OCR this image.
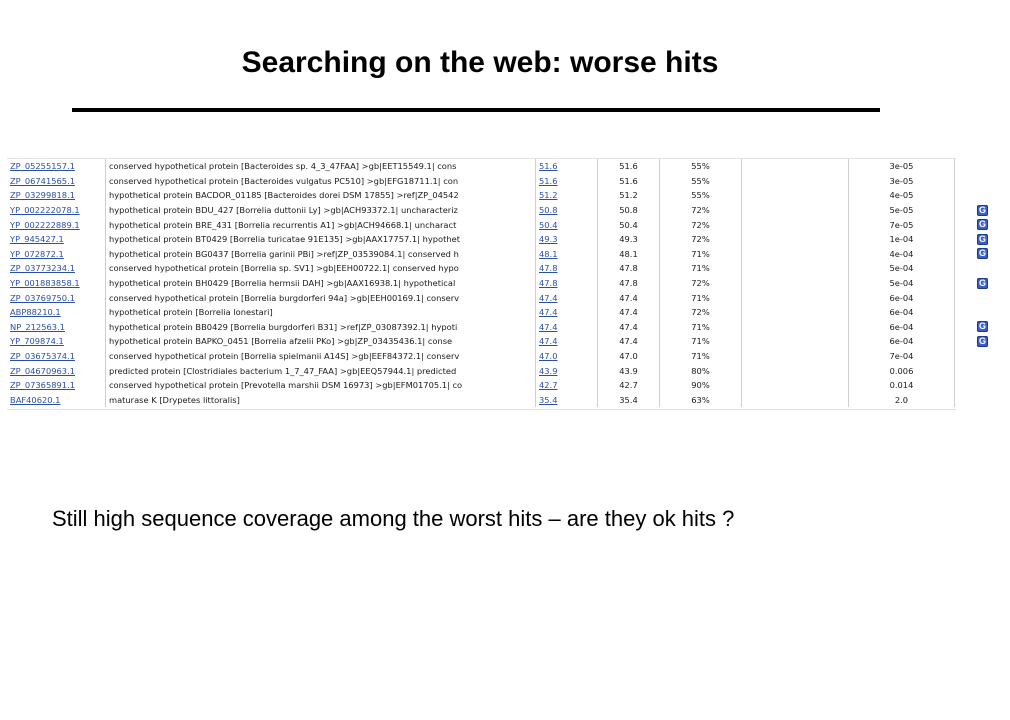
Searching on the web: worse hits
ZP_05255157.1	conserved hypothetical protein [Bacteroides sp. 4_3_47FAA] >gb|EET15549.1| cons	51.6	51.6	55%		3e-05	
ZP_06741565.1	conserved hypothetical protein [Bacteroides vulgatus PC510] >gb|EFG18711.1| con	51.6	51.6	55%		3e-05	
ZP_03299818.1	hypothetical protein BACDOR_01185 [Bacteroides dorei DSM 17855] >ref|ZP_04542	51.2	51.2	55%		4e-05	
YP_002222078.1	hypothetical protein BDU_427 [Borrelia duttonii Ly] >gb|ACH93372.1| uncharacteriz	50.8	50.8	72%		5e-05	G
YP_002222889.1	hypothetical protein BRE_431 [Borrelia recurrentis A1] >gb|ACH94668.1| uncharact	50.4	50.4	72%		7e-05	G
YP_945427.1	hypothetical protein BT0429 [Borrelia turicatae 91E135] >gb|AAX17757.1| hypothet	49.3	49.3	72%		1e-04	G
YP_072872.1	hypothetical protein BG0437 [Borrelia garinii PBi] >ref|ZP_03539084.1| conserved h	48.1	48.1	71%		4e-04	G
ZP_03773234.1	conserved hypothetical protein [Borrelia sp. SV1] >gb|EEH00722.1| conserved hypo	47.8	47.8	71%		5e-04	
YP_001883858.1	hypothetical protein BH0429 [Borrelia hermsii DAH] >gb|AAX16938.1| hypothetical	47.8	47.8	72%		5e-04	G
ZP_03769750.1	conserved hypothetical protein [Borrelia burgdorferi 94a] >gb|EEH00169.1| conserv	47.4	47.4	71%		6e-04	
ABP88210.1	hypothetical protein [Borrelia lonestari]	47.4	47.4	72%		6e-04	
NP_212563.1	hypothetical protein BB0429 [Borrelia burgdorferi B31] >ref|ZP_03087392.1| hypoti	47.4	47.4	71%		6e-04	G
YP_709874.1	hypothetical protein BAPKO_0451 [Borrelia afzelii PKo] >gb|ZP_03435436.1| conse	47.4	47.4	71%		6e-04	G
ZP_03675374.1	conserved hypothetical protein [Borrelia spielmanii A14S] >gb|EEF84372.1| conserv	47.0	47.0	71%		7e-04	
ZP_04670963.1	predicted protein [Clostridiales bacterium 1_7_47_FAA] >gb|EEQ57944.1| predicted	43.9	43.9	80%		0.006	
ZP_07365891.1	conserved hypothetical protein [Prevotella marshii DSM 16973] >gb|EFM01705.1| co	42.7	42.7	90%		0.014	
BAF40620.1	maturase K [Drypetes littoralis]	35.4	35.4	63%		2.0	
Still high sequence coverage among the worst hits – are they ok hits ?
